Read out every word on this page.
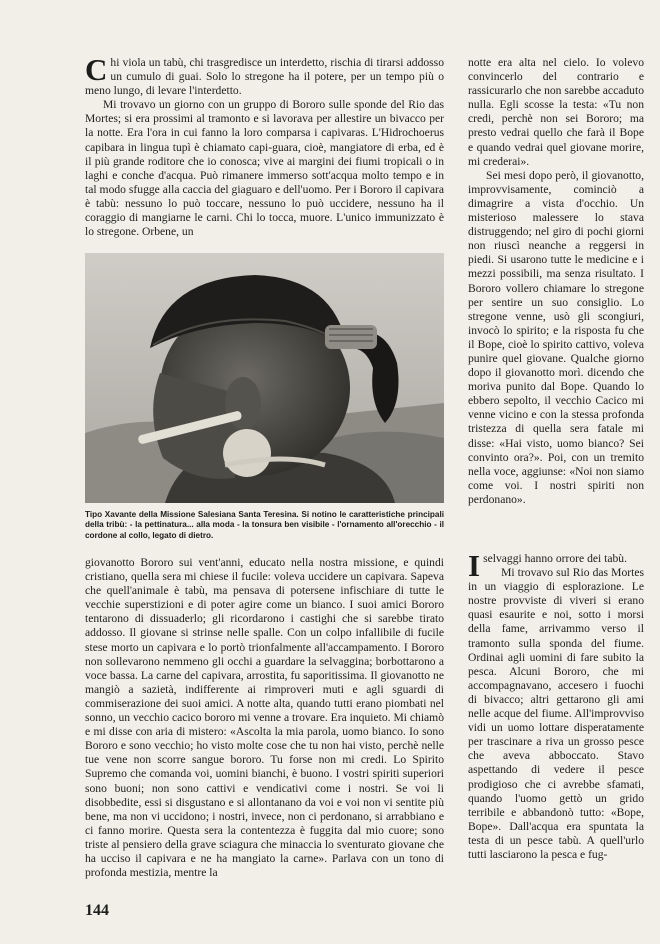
Chi viola un tabù, chi trasgredisce un interdetto, rischia di tirarsi addosso un cumulo di guai. Solo lo stregone ha il potere, per un tempo più o meno lungo, di levare l'interdetto.

Mi trovavo un giorno con un gruppo di Bororo sulle sponde del Rio das Mortes; si era prossimi al tramonto e si lavorava per allestire un bivacco per la notte. Era l'ora in cui fanno la loro comparsa i capivaras. L'Hidrochoerus capibara in lingua tupì è chiamato capi-guara, cioè, mangiatore di erba, ed è il più grande roditore che io conosca; vive ai margini dei fiumi tropicali o in laghi e conche d'acqua. Può rimanere immerso sott'acqua molto tempo e in tal modo sfugge alla caccia del giaguaro e dell'uomo. Per i Bororo il capivara è tabù: nessuno lo può toccare, nessuno lo può uccidere, nessuno ha il coraggio di mangiarne le carni. Chi lo tocca, muore. L'unico immunizzato è lo stregone. Orbene, un

Tipo Xavante della Missione Salesiana Santa Teresina. Si notino le caratteristiche principali della tribù: - la pettinatura... alla moda - la tonsura ben visibile - l'ornamento all'orecchio - il cordone al collo, legato di dietro.

giovanotto Bororo sui vent'anni, educato nella nostra missione, e quindi cristiano, quella sera mi chiese il fucile: voleva uccidere un capivara. Sapeva che quell'animale è tabù, ma pensava di potersene infischiare di tutte le vecchie superstizioni e di poter agire come un bianco. I suoi amici Bororo tentarono di dissuaderlo; gli ricordarono i castighi che si sarebbe tirato addosso. Il giovane si strinse nelle spalle. Con un colpo infallibile di fucile stese morto un capivara e lo portò trionfalmente all'accampamento. I Bororo non sollevarono nemmeno gli occhi a guardare la selvaggina; borbottarono a voce bassa. La carne del capivara, arrostita, fu saporitissima. Il giovanotto ne mangiò a sazietà, indifferente ai rimproveri muti e agli sguardi di commiserazione dei suoi amici. A notte alta, quando tutti erano piombati nel sonno, un vecchio cacico bororo mi venne a trovare. Era inquieto. Mi chiamò e mi disse con aria di mistero: «Ascolta la mia parola, uomo bianco. Io sono Bororo e sono vecchio; ho visto molte cose che tu non hai visto, perchè nelle tue vene non scorre sangue bororo. Tu forse non mi credi. Lo Spirito Supremo che comanda voi, uomini bianchi, è buono. I vostri spiriti superiori sono buoni; non sono cattivi e vendicativi come i nostri. Se voi li disobbedite, essi si disgustano e si allontanano da voi e voi non vi sentite più bene, ma non vi uccidono; i nostri, invece, non ci perdonano, si arrabbiano e ci fanno morire. Questa sera la contentezza è fuggita dal mio cuore; sono triste al pensiero della grave sciagura che minaccia lo sventurato giovane che ha ucciso il capivara e ne ha mangiato la carne». Parlava con un tono di profonda mestizia, mentre la

notte era alta nel cielo. Io volevo convincerlo del contrario e rassicurarlo che non sarebbe accaduto nulla. Egli scosse la testa: «Tu non credi, perchè non sei Bororo; ma presto vedrai quello che farà il Bope e quando vedrai quel giovane morire, mi crederai».

Sei mesi dopo però, il giovanotto, improvvisamente, cominciò a dimagrire a vista d'occhio. Un misterioso malessere lo stava distruggendo; nel giro di pochi giorni non riuscì neanche a reggersi in piedi. Si usarono tutte le medicine e i mezzi possibili, ma senza risultato. I Bororo vollero chiamare lo stregone per sentire un suo consiglio. Lo stregone venne, usò gli scongiuri, invocò lo spirito; e la risposta fu che il Bope, cioè lo spirito cattivo, voleva punire quel giovane. Qualche giorno dopo il giovanotto morì. dicendo che moriva punito dal Bope. Quando lo ebbero sepolto, il vecchio Cacico mi venne vicino e con la stessa profonda tristezza di quella sera fatale mi disse: «Hai visto, uomo bianco? Sei convinto ora?». Poi, con un tremito nella voce, aggiunse: «Noi non siamo come voi. I nostri spiriti non perdonano».

Iselvaggi hanno orrore dei tabù.

Mi trovavo sul Rio das Mortes in un viaggio di esplorazione. Le nostre provviste di viveri si erano quasi esaurite e noi, sotto i morsi della fame, arrivammo verso il tramonto sulla sponda del fiume. Ordinai agli uomini di fare subito la pesca. Alcuni Bororo, che mi accompagnavano, accesero i fuochi di bivacco; altri gettarono gli ami nelle acque del fiume. All'improvviso vidi un uomo lottare disperatamente per trascinare a riva un grosso pesce che aveva abboccato. Stavo aspettando di vedere il pesce prodigioso che ci avrebbe sfamati, quando l'uomo gettò un grido terribile e abbandonò tutto: «Bope, Bope». Dall'acqua era spuntata la testa di un pesce tabù. A quell'urlo tutti lasciarono la pesca e fug-

144
